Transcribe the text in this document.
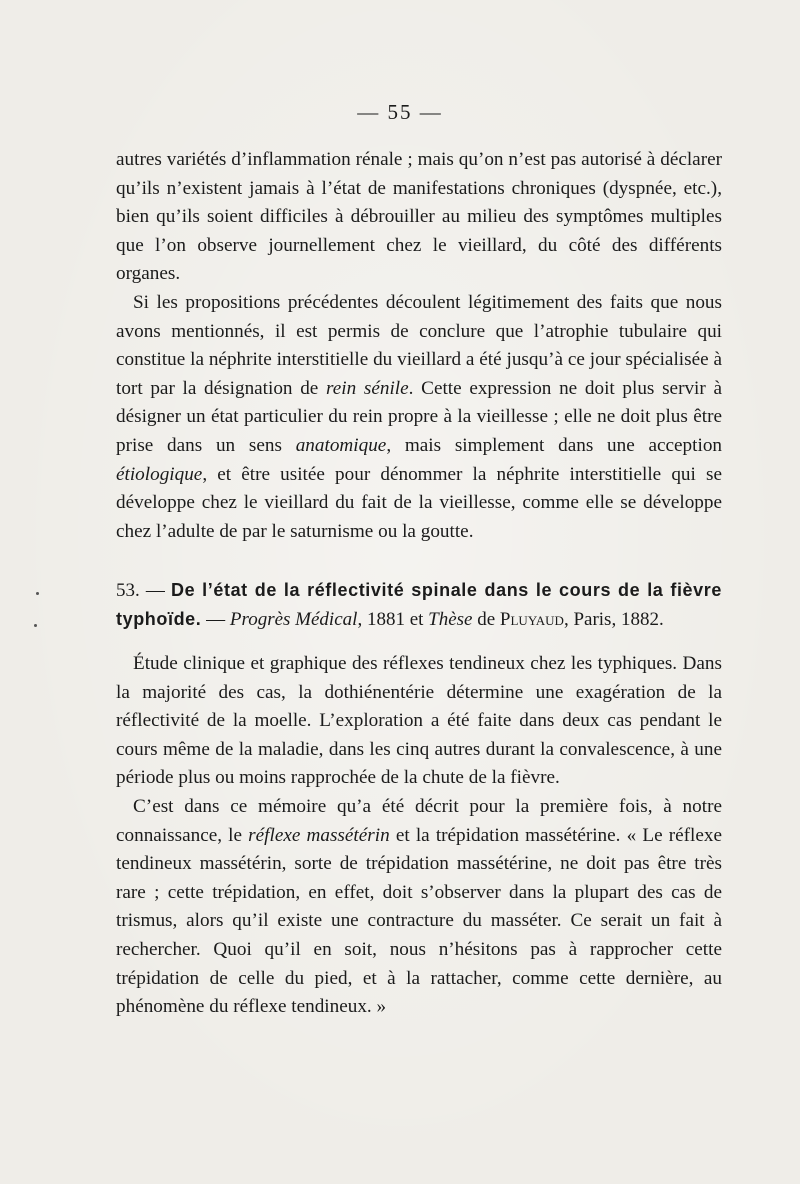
— 55 —

autres variétés d’inflammation rénale ; mais qu’on n’est pas autorisé à déclarer qu’ils n’existent jamais à l’état de manifestations chroniques (dyspnée, etc.), bien qu’ils soient difficiles à débrouiller au milieu des symptômes multiples que l’on observe journellement chez le vieillard, du côté des différents organes.

Si les propositions précédentes découlent légitimement des faits que nous avons mentionnés, il est permis de conclure que l’atrophie tubulaire qui constitue la néphrite interstitielle du vieillard a été jusqu’à ce jour spécialisée à tort par la désignation de rein sénile. Cette expression ne doit plus servir à désigner un état particulier du rein propre à la vieillesse ; elle ne doit plus être prise dans un sens anatomique, mais simplement dans une acception étiologique, et être usitée pour dénommer la néphrite interstitielle qui se développe chez le vieillard du fait de la vieillesse, comme elle se développe chez l’adulte de par le saturnisme ou la goutte.

53. — De l’état de la réflectivité spinale dans le cours de la fièvre typhoïde. — Progrès Médical, 1881 et Thèse de Pluyaud, Paris, 1882.

Étude clinique et graphique des réflexes tendineux chez les typhiques. Dans la majorité des cas, la dothiénentérie détermine une exagération de la réflectivité de la moelle. L’exploration a été faite dans deux cas pendant le cours même de la maladie, dans les cinq autres durant la convalescence, à une période plus ou moins rapprochée de la chute de la fièvre.

C’est dans ce mémoire qu’a été décrit pour la première fois, à notre connaissance, le réflexe massétérin et la trépidation massétérine. « Le réflexe tendineux massétérin, sorte de trépidation massétérine, ne doit pas être très rare ; cette trépidation, en effet, doit s’observer dans la plupart des cas de trismus, alors qu’il existe une contracture du masséter. Ce serait un fait à rechercher. Quoi qu’il en soit, nous n’hésitons pas à rapprocher cette trépidation de celle du pied, et à la rattacher, comme cette dernière, au phénomène du réflexe tendineux. »
